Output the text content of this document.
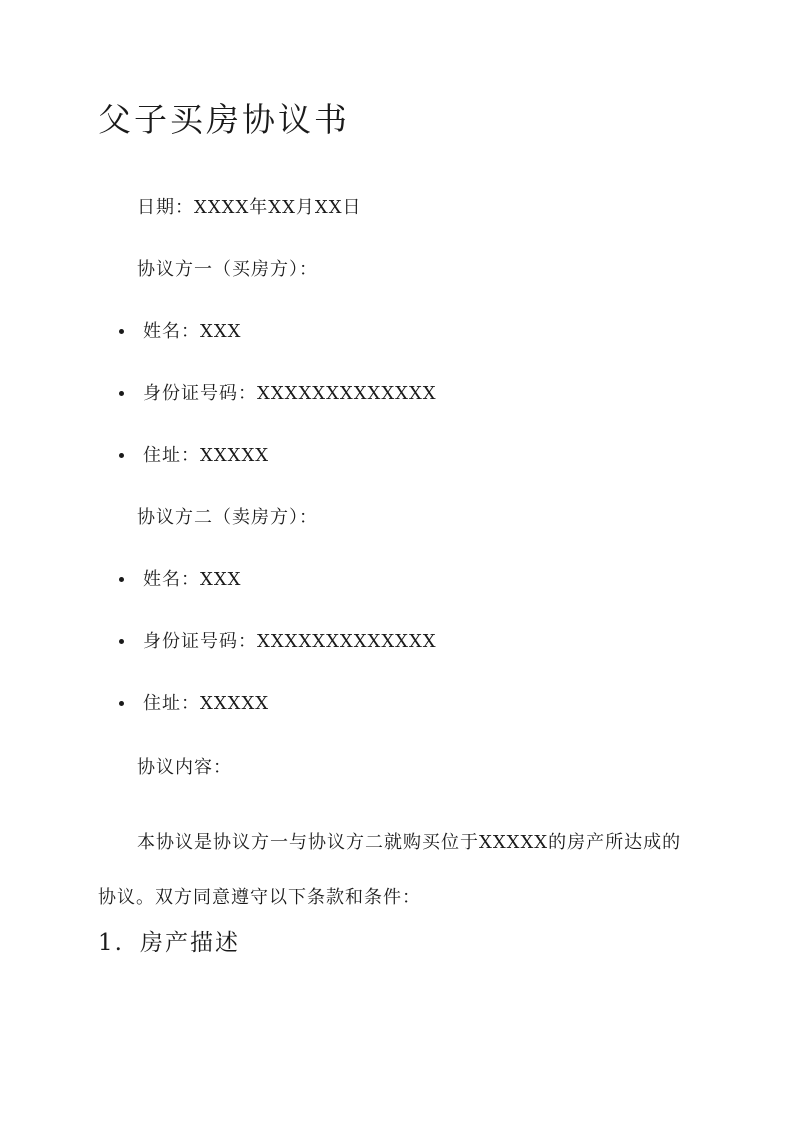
父子买房协议书

日期：XXXX年XX月XX日

协议方一（买房方）：

姓名：XXX

身份证号码：XXXXXXXXXXXXX

住址：XXXXX

协议方二（卖房方）：

姓名：XXX

身份证号码：XXXXXXXXXXXXX

住址：XXXXX

协议内容：

本协议是协议方一与协议方二就购买位于XXXXX的房产所达成的协议。双方同意遵守以下条款和条件：

1. 房产描述
